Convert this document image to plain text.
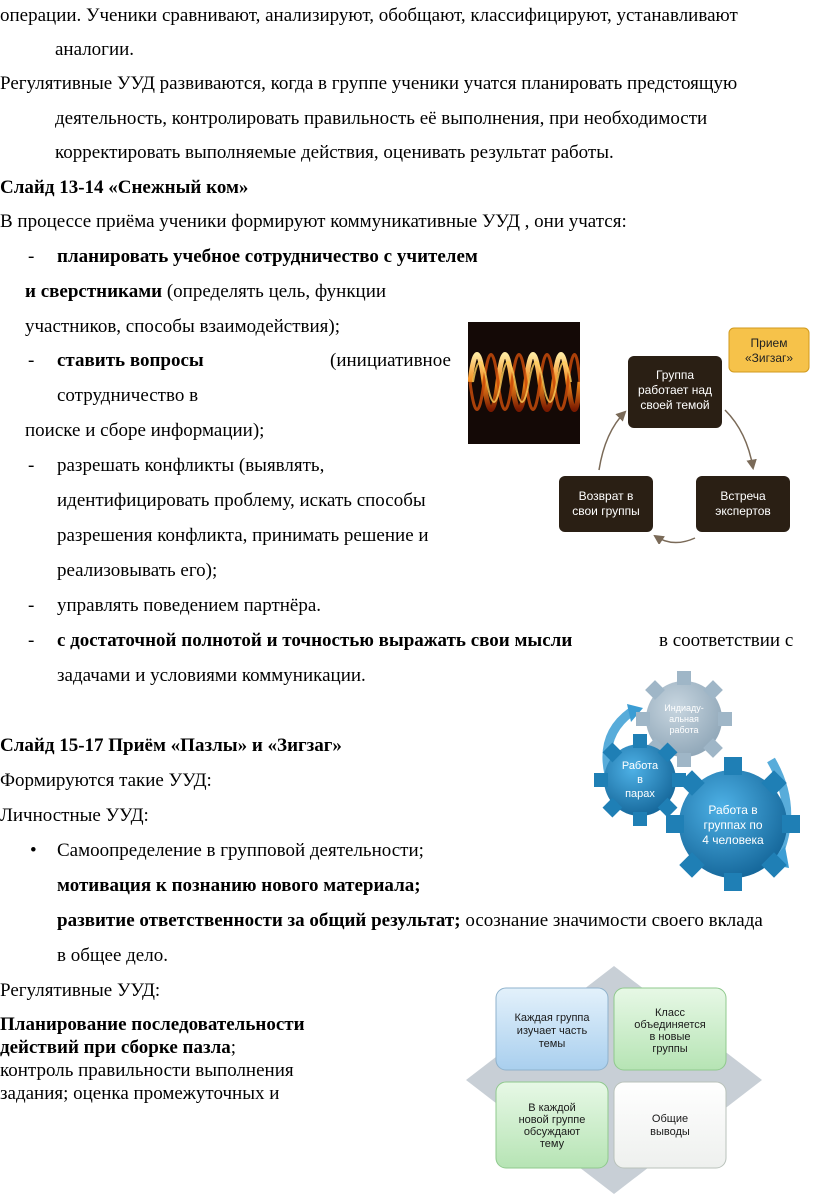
операции. Ученики сравнивают, анализируют, обобщают, классифицируют, устанавливают
аналогии.
Регулятивные УУД развиваются, когда в группе ученики учатся планировать предстоящую
деятельность, контролировать правильность её выполнения, при необходимости
корректировать выполняемые действия, оценивать результат работы.
Слайд 13-14 «Снежный ком»
В процессе приёма ученики формируют коммуникативные УУД , они учатся:
- планировать учебное сотрудничество с учителем
и сверстниками (определять цель, функции
участников, способы взаимодействия);
- ставить вопросы	(инициативное
сотрудничество в
поиске и сборе информации);
- разрешать конфликты (выявлять,
идентифицировать проблему, искать способы
разрешения конфликта, принимать решение и
реализовывать его);
- управлять поведением партнёра.
- с достаточной полнотой и точностью выражать свои мысли	в соответствии с
задачами и условиями коммуникации.
Слайд 15-17 Приём «Пазлы» и «Зигзаг»
Формируются такие УУД:
Личностные УУД:
• Самоопределение в групповой деятельности;
мотивация к познанию нового материала;
развитие ответственности за общий результат; осознание значимости своего вклада
в общее дело.
Регулятивные УУД:
Планирование последовательности
действий при сборке пазла;
контроль правильности выполнения
задания; оценка промежуточных и
Прием
«Зигзаг»
Группа
работает над
своей темой
Возврат в
свои группы
Встреча
экспертов
Индиаду-
альная
работа
Работа
в
парах
Работа в
группах по
4 человека
Каждая группа
изучает часть
темы
Класс
объединяется
в новые
группы
В каждой
новой группе
обсуждают
тему
Общие
выводы
